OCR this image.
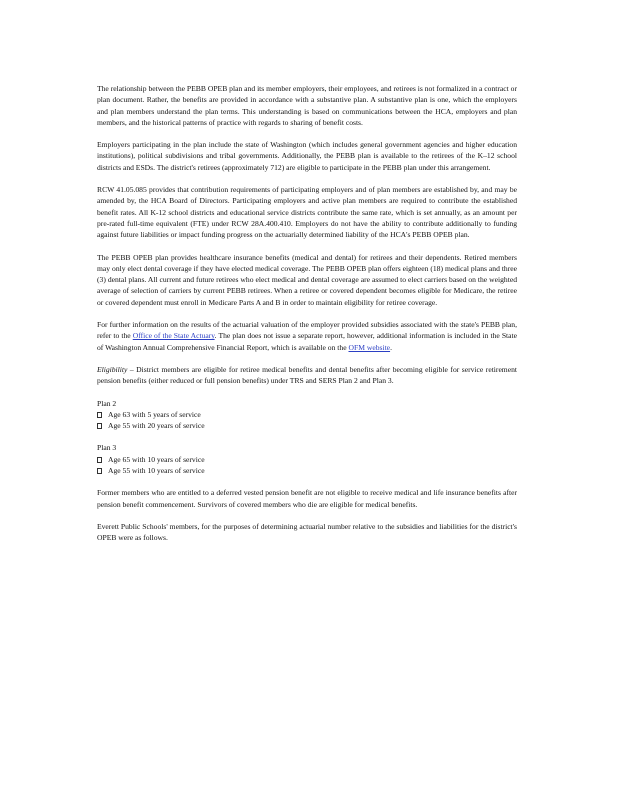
The relationship between the PEBB OPEB plan and its member employers, their employees, and retirees is not formalized in a contract or plan document. Rather, the benefits are provided in accordance with a substantive plan. A substantive plan is one, which the employers and plan members understand the plan terms. This understanding is based on communications between the HCA, employers and plan members, and the historical patterns of practice with regards to sharing of benefit costs.

Employers participating in the plan include the state of Washington (which includes general government agencies and higher education institutions), political subdivisions and tribal governments. Additionally, the PEBB plan is available to the retirees of the K–12 school districts and ESDs. The district's retirees (approximately 712) are eligible to participate in the PEBB plan under this arrangement.

RCW 41.05.085 provides that contribution requirements of participating employers and of plan members are established by, and may be amended by, the HCA Board of Directors. Participating employers and active plan members are required to contribute the established benefit rates. All K-12 school districts and educational service districts contribute the same rate, which is set annually, as an amount per pre-rated full-time equivalent (FTE) under RCW 28A.400.410. Employers do not have the ability to contribute additionally to funding against future liabilities or impact funding progress on the actuarially determined liability of the HCA's PEBB OPEB plan.

The PEBB OPEB plan provides healthcare insurance benefits (medical and dental) for retirees and their dependents. Retired members may only elect dental coverage if they have elected medical coverage. The PEBB OPEB plan offers eighteen (18) medical plans and three (3) dental plans. All current and future retirees who elect medical and dental coverage are assumed to elect carriers based on the weighted average of selection of carriers by current PEBB retirees. When a retiree or covered dependent becomes eligible for Medicare, the retiree or covered dependent must enroll in Medicare Parts A and B in order to maintain eligibility for retiree coverage.

For further information on the results of the actuarial valuation of the employer provided subsidies associated with the state's PEBB plan, refer to the Office of the State Actuary. The plan does not issue a separate report, however, additional information is included in the State of Washington Annual Comprehensive Financial Report, which is available on the OFM website.

Eligibility – District members are eligible for retiree medical benefits and dental benefits after becoming eligible for service retirement pension benefits (either reduced or full pension benefits) under TRS and SERS Plan 2 and Plan 3.

Plan 2

Age 63 with 5 years of service

Age 55 with 20 years of service

Plan 3

Age 65 with 10 years of service

Age 55 with 10 years of service

Former members who are entitled to a deferred vested pension benefit are not eligible to receive medical and life insurance benefits after pension benefit commencement. Survivors of covered members who die are eligible for medical benefits.

Everett Public Schools' members, for the purposes of determining actuarial number relative to the subsidies and liabilities for the district's OPEB were as follows.
